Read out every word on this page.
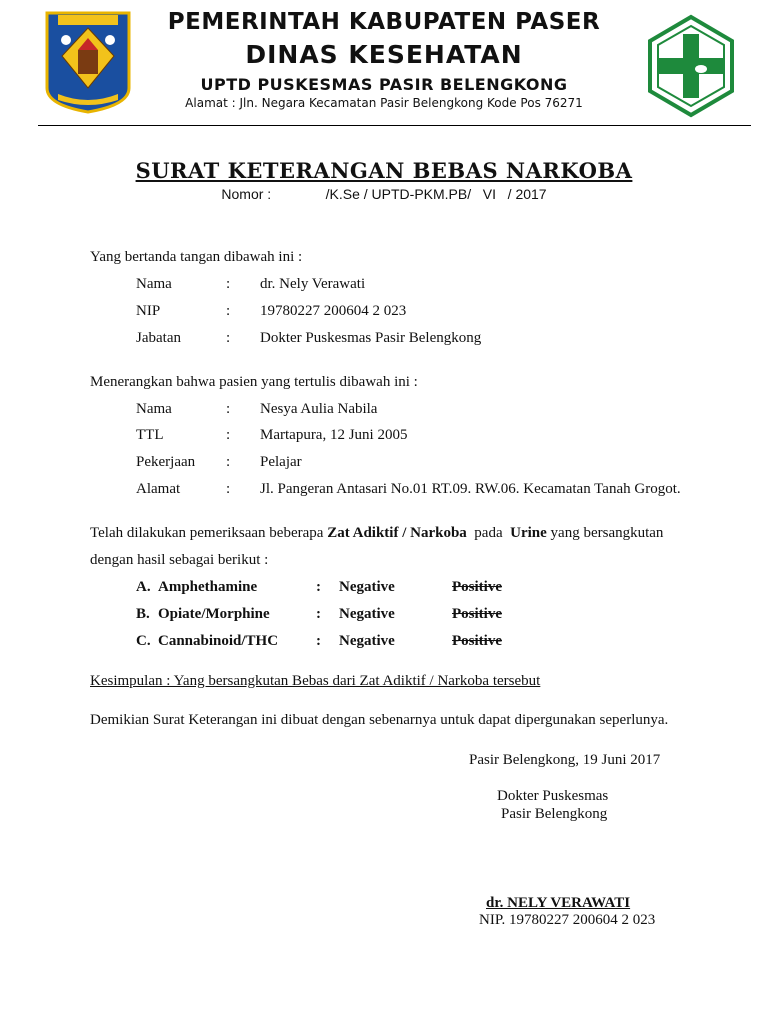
PEMERINTAH KABUPATEN PASER
DINAS KESEHATAN
UPTD PUSKESMAS PASIR BELENGKONG
Alamat : Jln. Negara Kecamatan Pasir Belengkong Kode Pos 76271
SURAT KETERANGAN BEBAS NARKOBA
Nomor :              /K.Se / UPTD-PKM.PB/   VI   / 2017
Yang bertanda tangan dibawah ini :
Nama	: dr. Nely Verawati
NIP	: 19780227 200604 2 023
Jabatan	: Dokter Puskesmas Pasir Belengkong
Menerangkan bahwa pasien yang tertulis dibawah ini :
Nama	: Nesya Aulia Nabila
TTL	: Martapura, 12 Juni 2005
Pekerjaan : Pelajar
Alamat	: Jl. Pangeran Antasari No.01 RT.09. RW.06. Kecamatan Tanah Grogot.
Telah dilakukan pemeriksaan beberapa Zat Adiktif / Narkoba pada Urine yang bersangkutan
dengan hasil sebagai berikut :
A. Amphethamine	: Negative	Positive
B. Opiate/Morphine	: Negative	Positive
C. Cannabinoid/THC	: Negative	Positive
Kesimpulan : Yang bersangkutan Bebas dari Zat Adiktif / Narkoba tersebut
Demikian Surat Keterangan ini dibuat dengan sebenarnya untuk dapat dipergunakan seperlunya.
Pasir Belengkong, 19 Juni 2017
Dokter Puskesmas
Pasir Belengkong
dr. NELY VERAWATI
NIP. 19780227 200604 2 023
